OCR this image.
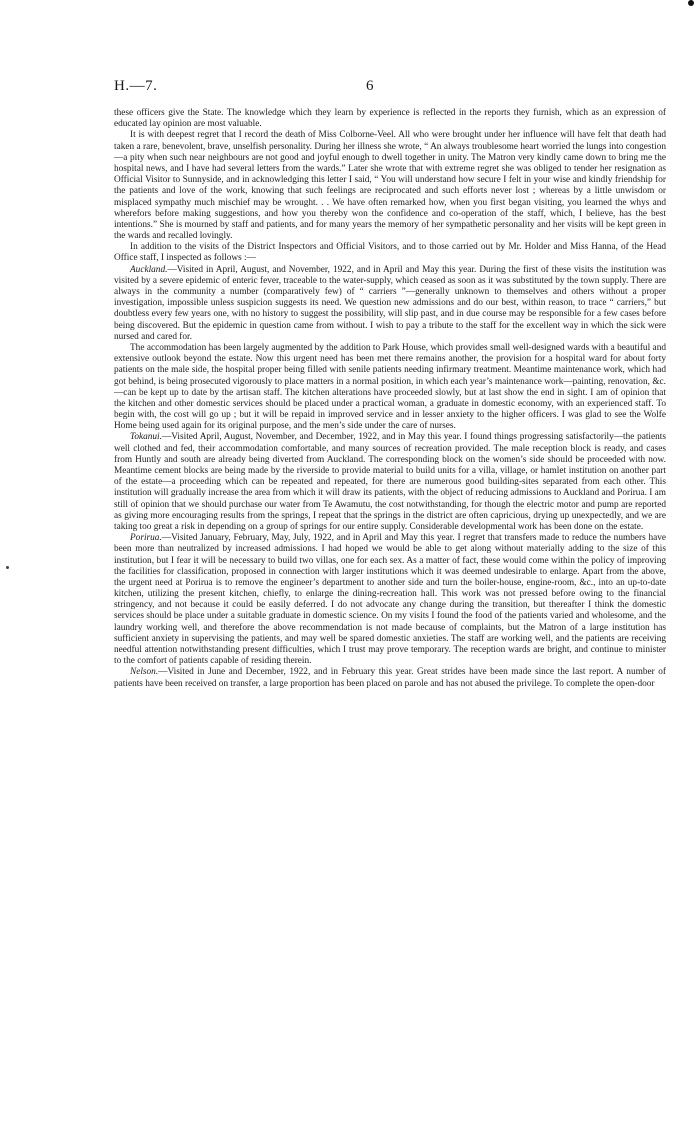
H.—7.	6

these officers give the State. The knowledge which they learn by experience is reflected in the reports they furnish, which as an expression of educated lay opinion are most valuable.

It is with deepest regret that I record the death of Miss Colborne-Veel. All who were brought under her influence will have felt that death had taken a rare, benevolent, brave, unselfish personality. During her illness she wrote, “ An always troublesome heart worried the lungs into congestion—a pity when such near neighbours are not good and joyful enough to dwell together in unity. The Matron very kindly came down to bring me the hospital news, and I have had several letters from the wards.” Later she wrote that with extreme regret she was obliged to tender her resignation as Official Visitor to Sunnyside, and in acknowledging this letter I said, “ You will understand how secure I felt in your wise and kindly friendship for the patients and love of the work, knowing that such feelings are reciprocated and such efforts never lost ; whereas by a little unwisdom or misplaced sympathy much mischief may be wrought. . . We have often remarked how, when you first began visiting, you learned the whys and wherefors before making suggestions, and how you thereby won the confidence and co-operation of the staff, which, I believe, has the best intentions.” She is mourned by staff and patients, and for many years the memory of her sympathetic personality and her visits will be kept green in the wards and recalled lovingly.

In addition to the visits of the District Inspectors and Official Visitors, and to those carried out by Mr. Holder and Miss Hanna, of the Head Office staff, I inspected as follows :—

Auckland.—Visited in April, August, and November, 1922, and in April and May this year. During the first of these visits the institution was visited by a severe epidemic of enteric fever, traceable to the water-supply, which ceased as soon as it was substituted by the town supply. There are always in the community a number (comparatively few) of “ carriers ”—generally unknown to themselves and others without a proper investigation, impossible unless suspicion suggests its need. We question new admissions and do our best, within reason, to trace “ carriers,” but doubtless every few years one, with no history to suggest the possibility, will slip past, and in due course may be responsible for a few cases before being discovered. But the epidemic in question came from without. I wish to pay a tribute to the staff for the excellent way in which the sick were nursed and cared for.

The accommodation has been largely augmented by the addition to Park House, which provides small well-designed wards with a beautiful and extensive outlook beyond the estate. Now this urgent need has been met there remains another, the provision for a hospital ward for about forty patients on the male side, the hospital proper being filled with senile patients needing infirmary treatment. Meantime maintenance work, which had got behind, is being prosecuted vigorously to place matters in a normal position, in which each year’s maintenance work—painting, renovation, &c.—can be kept up to date by the artisan staff. The kitchen alterations have proceeded slowly, but at last show the end in sight. I am of opinion that the kitchen and other domestic services should be placed under a practical woman, a graduate in domestic economy, with an experienced staff. To begin with, the cost will go up ; but it will be repaid in improved service and in lesser anxiety to the higher officers. I was glad to see the Wolfe Home being used again for its original purpose, and the men’s side under the care of nurses.

Tokanui.—Visited April, August, November, and December, 1922, and in May this year. I found things progressing satisfactorily—the patients well clothed and fed, their accommodation comfortable, and many sources of recreation provided. The male reception block is ready, and cases from Huntly and south are already being diverted from Auckland. The corresponding block on the women’s side should be proceeded with now. Meantime cement blocks are being made by the riverside to provide material to build units for a villa, village, or hamlet institution on another part of the estate—a proceeding which can be repeated and repeated, for there are numerous good building-sites separated from each other. This institution will gradually increase the area from which it will draw its patients, with the object of reducing admissions to Auckland and Porirua. I am still of opinion that we should purchase our water from Te Awamutu, the cost notwithstanding, for though the electric motor and pump are reported as giving more encouraging results from the springs, I repeat that the springs in the district are often capricious, drying up unexpectedly, and we are taking too great a risk in depending on a group of springs for our entire supply. Considerable developmental work has been done on the estate.

Porirua.—Visited January, February, May, July, 1922, and in April and May this year. I regret that transfers made to reduce the numbers have been more than neutralized by increased admissions. I had hoped we would be able to get along without materially adding to the size of this institution, but I fear it will be necessary to build two villas, one for each sex. As a matter of fact, these would come within the policy of improving the facilities for classification, proposed in connection with larger institutions which it was deemed undesirable to enlarge. Apart from the above, the urgent need at Porirua is to remove the engineer’s department to another side and turn the boiler-house, engine-room, &c., into an up-to-date kitchen, utilizing the present kitchen, chiefly, to enlarge the dining-recreation hall. This work was not pressed before owing to the financial stringency, and not because it could be easily deferred. I do not advocate any change during the transition, but thereafter I think the domestic services should be place under a suitable graduate in domestic science. On my visits I found the food of the patients varied and wholesome, and the laundry working well, and therefore the above recommendation is not made because of complaints, but the Matron of a large institution has sufficient anxiety in supervising the patients, and may well be spared domestic anxieties. The staff are working well, and the patients are receiving needful attention notwithstanding present difficulties, which I trust may prove temporary. The reception wards are bright, and continue to minister to the comfort of patients capable of residing therein.

Nelson.—Visited in June and December, 1922, and in February this year. Great strides have been made since the last report. A number of patients have been received on transfer, a large proportion has been placed on parole and has not abused the privilege. To complete the open-door
